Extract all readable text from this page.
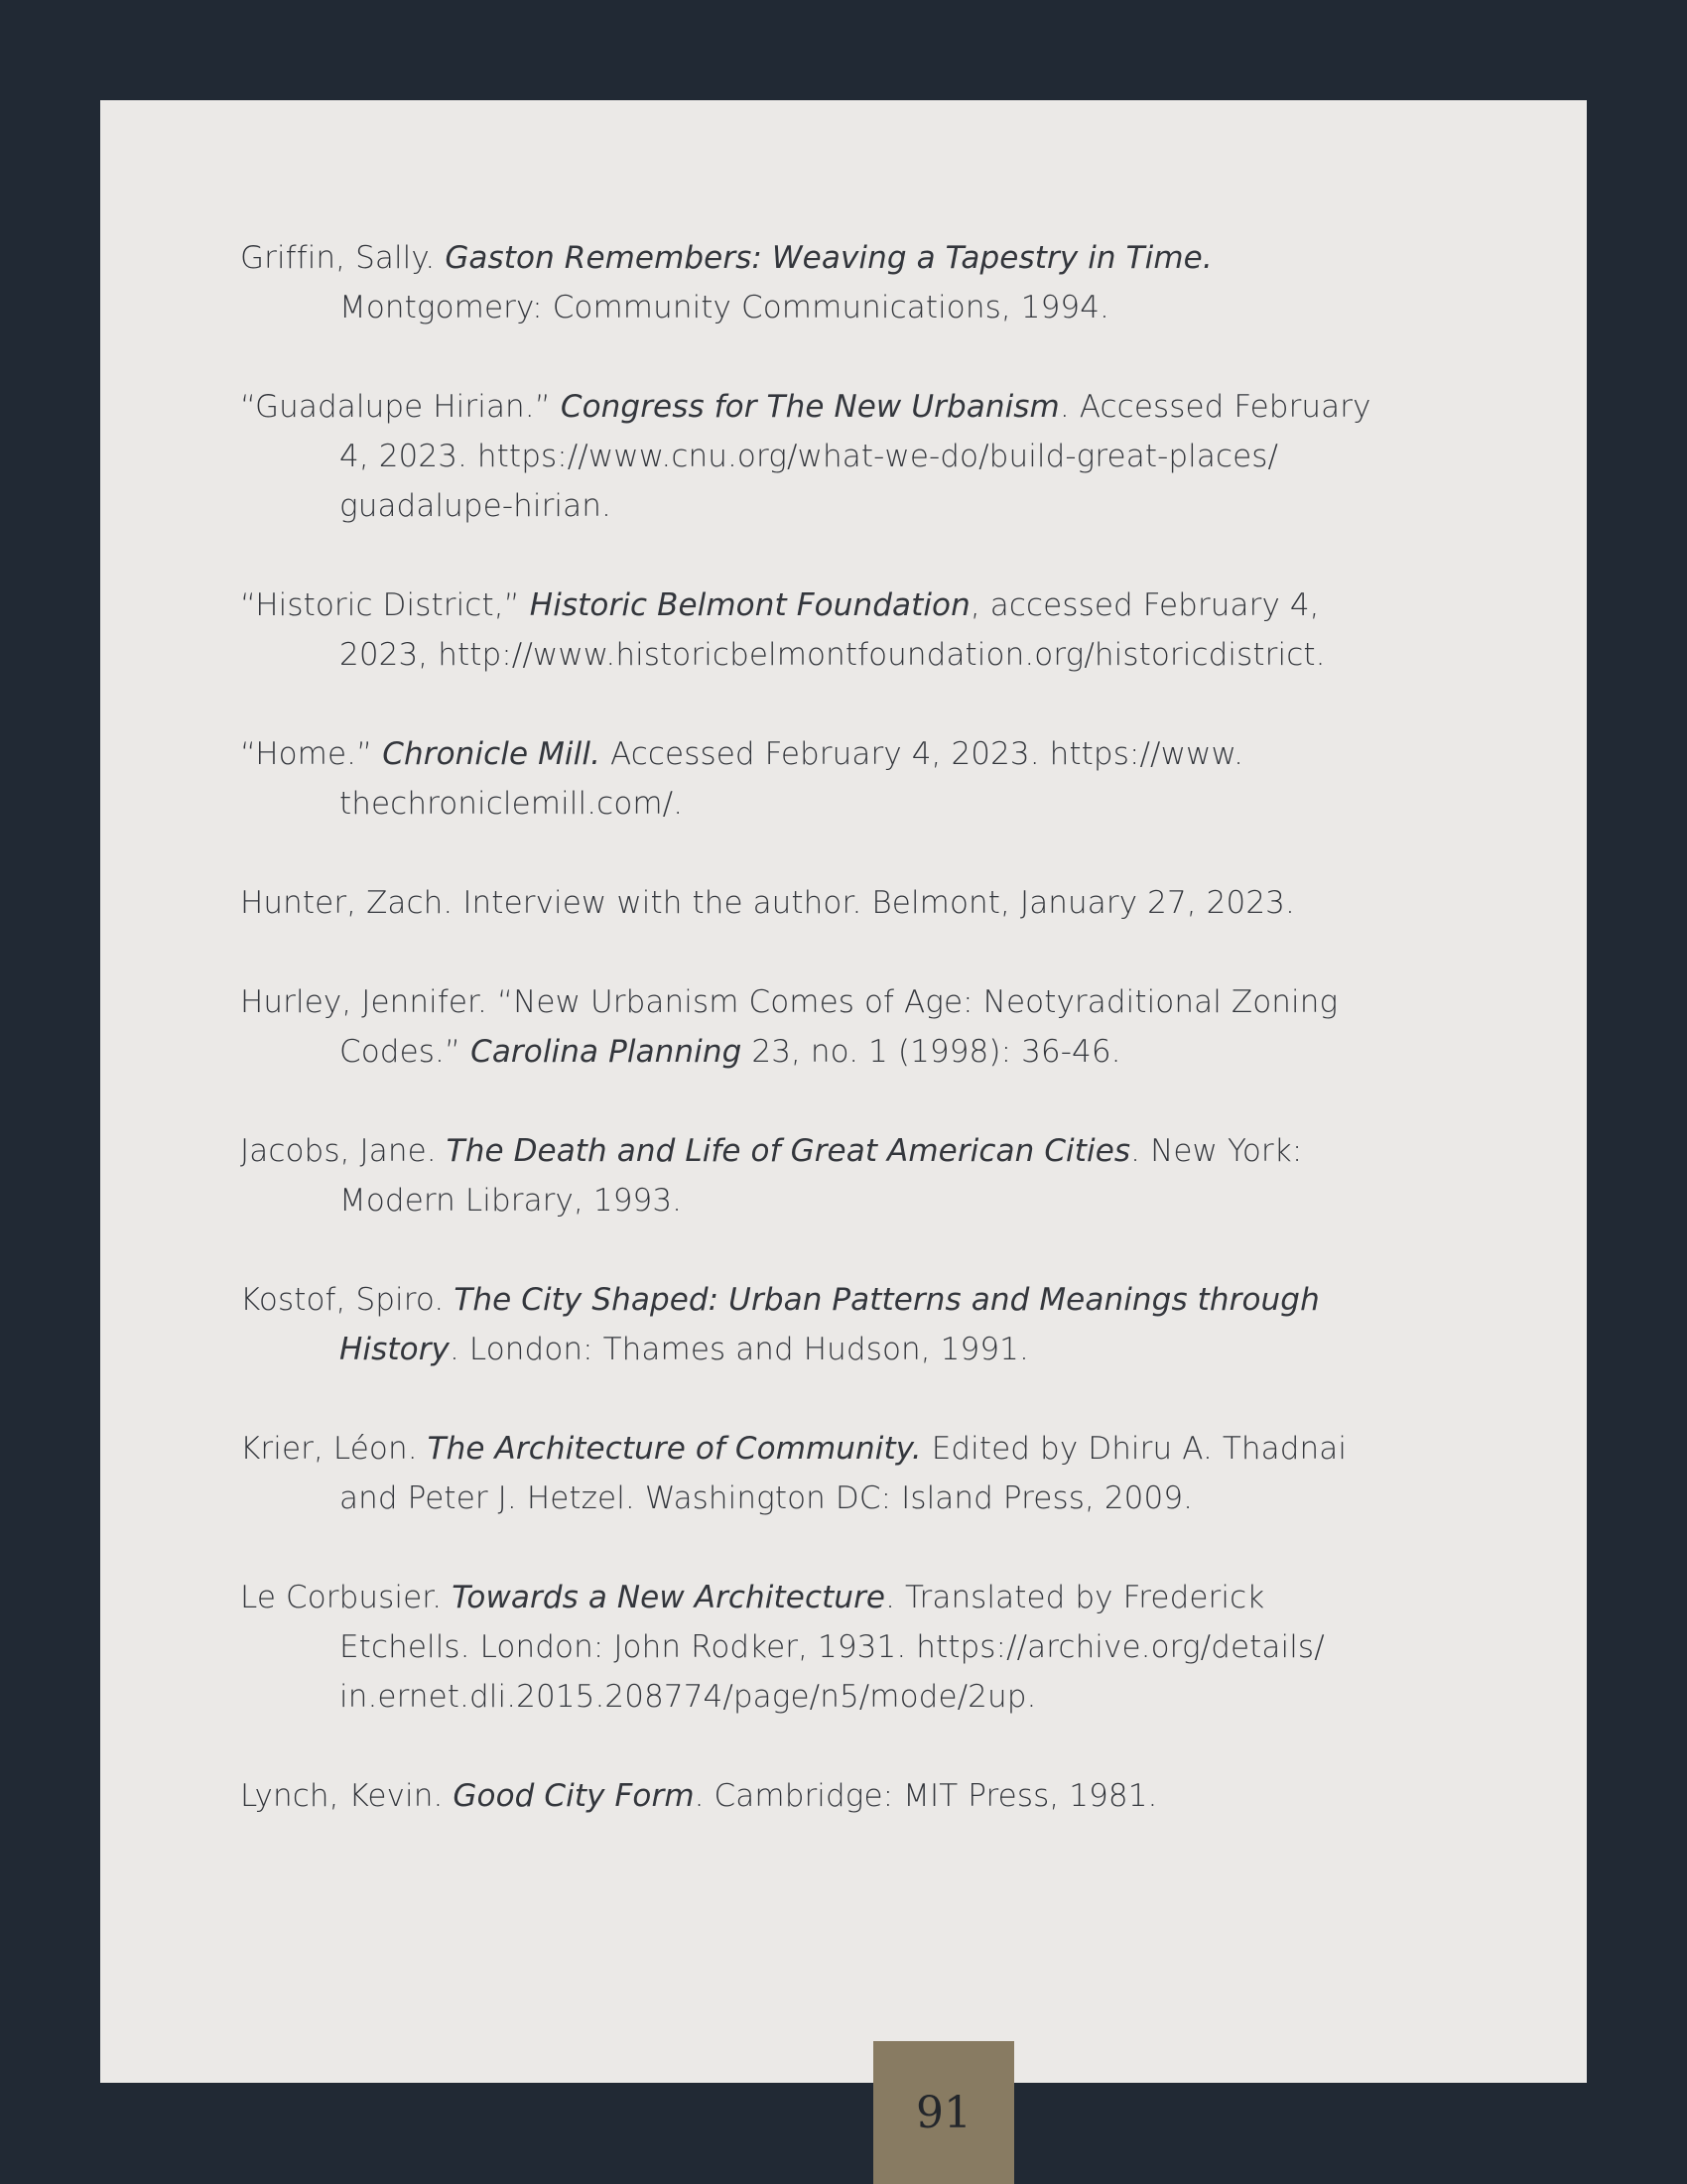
Griffin, Sally. Gaston Remembers: Weaving a Tapestry in Time.
Montgomery: Community Communications, 1994.
“Guadalupe Hirian.” Congress for The New Urbanism. Accessed February
4, 2023. https://www.cnu.org/what-we-do/build-great-places/
guadalupe-hirian.
“Historic District,” Historic Belmont Foundation, accessed February 4,
2023, http://www.historicbelmontfoundation.org/historicdistrict.
“Home.” Chronicle Mill. Accessed February 4, 2023. https://www.
thechroniclemill.com/.
Hunter, Zach. Interview with the author. Belmont, January 27, 2023.
Hurley, Jennifer. “New Urbanism Comes of Age: Neotyraditional Zoning
Codes.” Carolina Planning 23, no. 1 (1998): 36-46.
Jacobs, Jane. The Death and Life of Great American Cities. New York:
Modern Library, 1993.
Kostof, Spiro. The City Shaped: Urban Patterns and Meanings through
History. London: Thames and Hudson, 1991.
Krier, Léon. The Architecture of Community. Edited by Dhiru A. Thadnai
and Peter J. Hetzel. Washington DC: Island Press, 2009.
Le Corbusier. Towards a New Architecture. Translated by Frederick
Etchells. London: John Rodker, 1931. https://archive.org/details/
in.ernet.dli.2015.208774/page/n5/mode/2up.
Lynch, Kevin. Good City Form. Cambridge: MIT Press, 1981.
91
